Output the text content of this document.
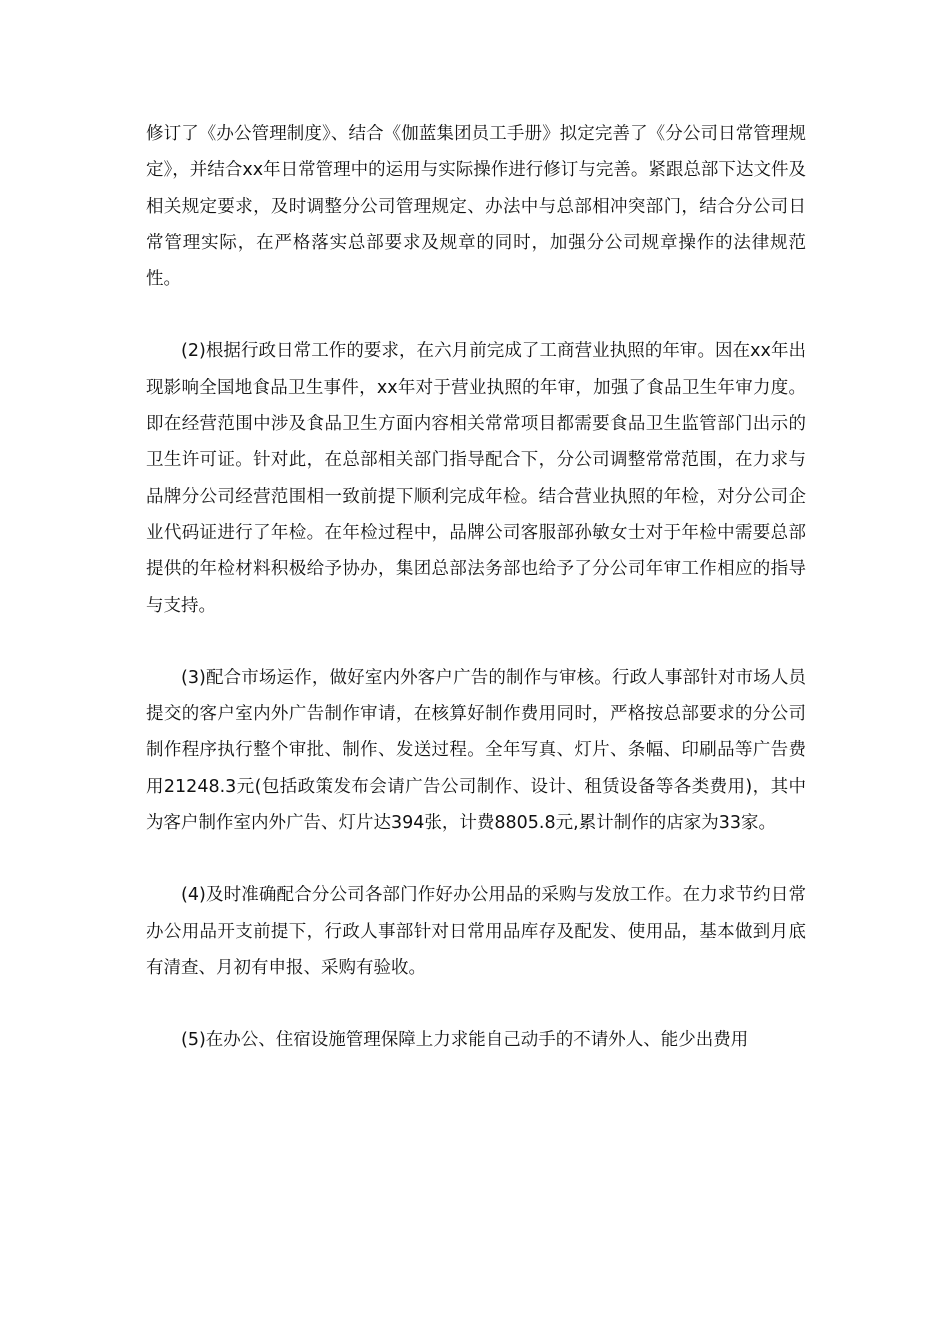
修订了《办公管理制度》、结合《伽蓝集团员工手册》拟定完善了《分公司日常管理规定》，并结合xx年日常管理中的运用与实际操作进行修订与完善。紧跟总部下达文件及相关规定要求，及时调整分公司管理规定、办法中与总部相冲突部门，结合分公司日常管理实际，在严格落实总部要求及规章的同时，加强分公司规章操作的法律规范性。

(2)根据行政日常工作的要求，在六月前完成了工商营业执照的年审。因在xx年出现影响全国地食品卫生事件，xx年对于营业执照的年审，加强了食品卫生年审力度。即在经营范围中涉及食品卫生方面内容相关常常项目都需要食品卫生监管部门出示的卫生许可证。针对此，在总部相关部门指导配合下，分公司调整常常范围，在力求与品牌分公司经营范围相一致前提下顺利完成年检。结合营业执照的年检，对分公司企业代码证进行了年检。在年检过程中，品牌公司客服部孙敏女士对于年检中需要总部提供的年检材料积极给予协办，集团总部法务部也给予了分公司年审工作相应的指导与支持。

(3)配合市场运作，做好室内外客户广告的制作与审核。行政人事部针对市场人员提交的客户室内外广告制作审请，在核算好制作费用同时，严格按总部要求的分公司制作程序执行整个审批、制作、发送过程。全年写真、灯片、条幅、印刷品等广告费用21248.3元(包括政策发布会请广告公司制作、设计、租赁设备等各类费用)，其中为客户制作室内外广告、灯片达394张，计费8805.8元,累计制作的店家为33家。

(4)及时准确配合分公司各部门作好办公用品的采购与发放工作。在力求节约日常办公用品开支前提下，行政人事部针对日常用品库存及配发、使用品，基本做到月底有清查、月初有申报、采购有验收。

(5)在办公、住宿设施管理保障上力求能自己动手的不请外人、能少出费用
